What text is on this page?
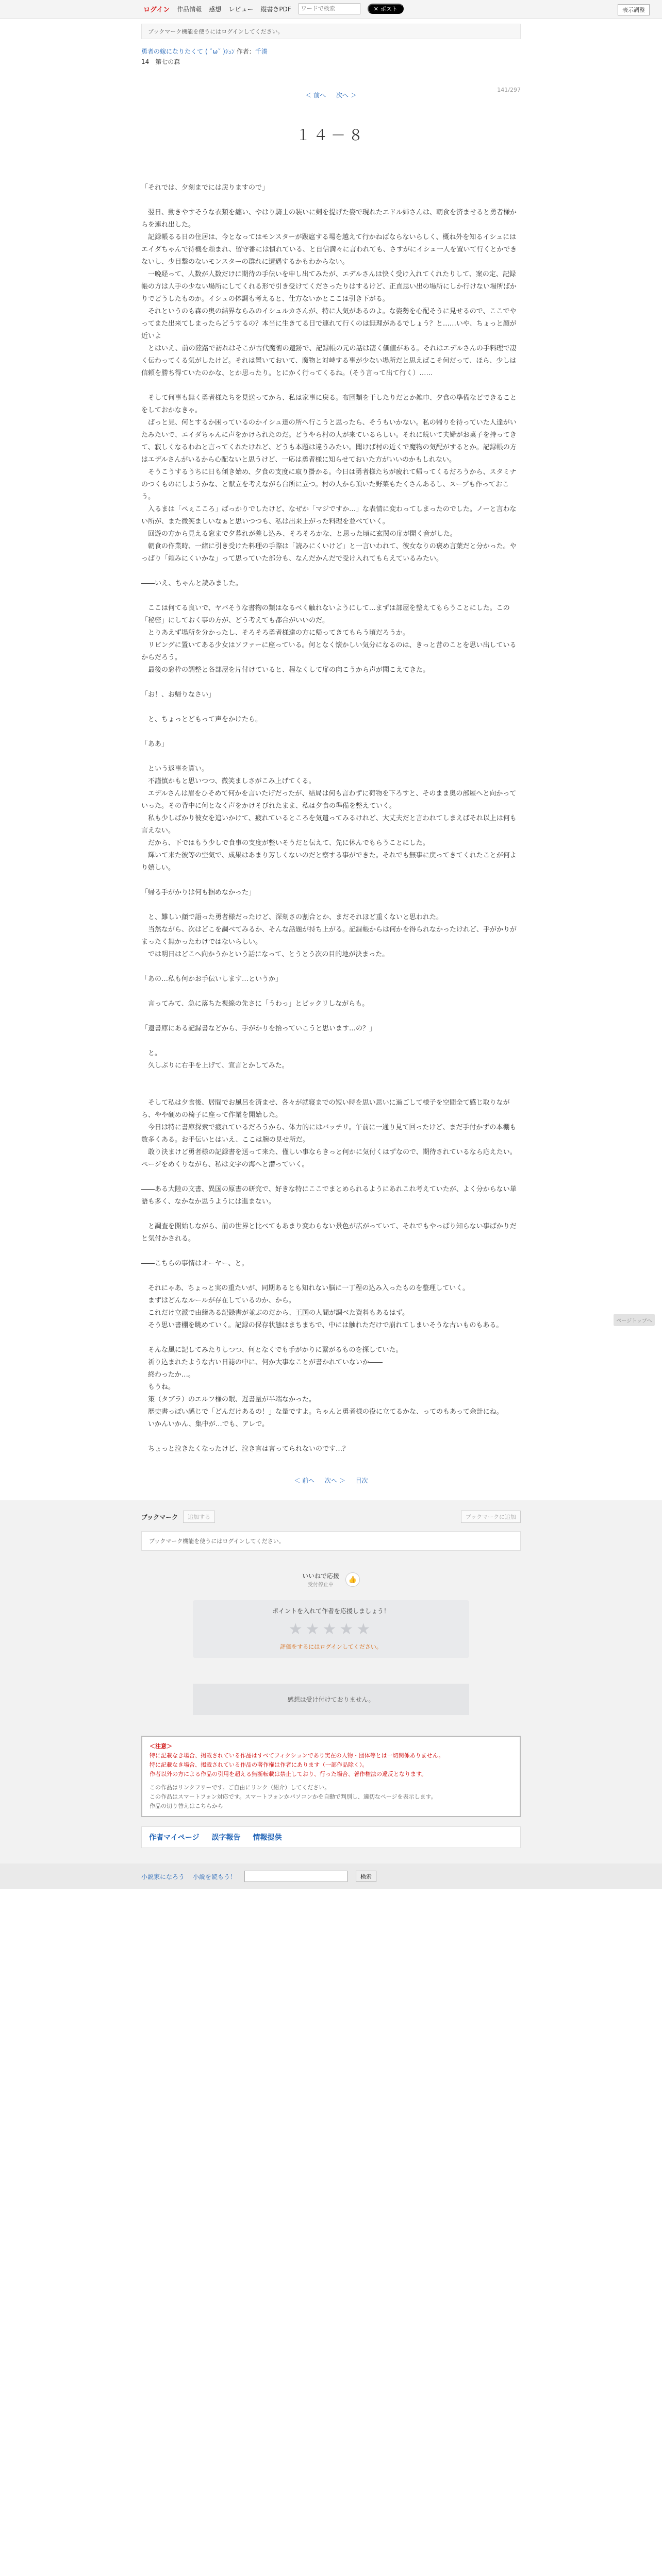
ログイン 作品情報 感想 レビュー 縦書きPDF
ワードで検索	✕ ポスト	表示調整
ブックマーク機能を使うにはログインしてください。
勇者の嫁になりたくて ( ˘ω˘ )ｼｭﾝ 作者：千湊
14　 第七の森
＜ 前へ 次へ ＞
141/297
１４－８

「それでは、夕刻までには戻りますので」

　翌日、動きやすそうな衣類を纏い、やはり騎士の装いに剣を提げた姿で現れたエドル姉さんは、朝食を済ませると勇者様からを連れ出した。

　記録帳るる日の住居は、今となってはモンスターが跋扈する場を越えて行かねばならないらしく、概ね外を知るイシュにはエイダちゃんで待機を頼まれ、留守番には慣れている、と自信満々に言われても、さすがにイシュ一人を置いて行くとかできないし、少目撃のないモンスターの群れに遭遇するかもわからない。

　一晩経って、人数が人数だけに期待の手伝いを申し出てみたが、エデルさんは快く受け入れてくれたりして、案の定、記録帳の方は人手の少ない場所にしてくれる形で引き受けてくださったりはするけど、正直思い出の場所にしか行けない場所ばかりでどうしたものか。イシュの体調も考えると、仕方ないかとここは引き下がる。

　それというのも森の奥の結界ならみのイシュルカさんが、特に人気があるのよ。な姿勢を心配そうに見せるので、ここでやってまた出来てしまったらどうするの？本当に生きてる日で連れて行くのは無理があるでしょう？と……いや、ちょっと顔が近いよ

　とはいえ、前の陸路で訪れはそこが古代魔術の遺跡で、記録帳の元の話は凄く価値がある。それはエデルさんの手料理で凄く伝わってくる気がしたけど。それは置いておいて、魔物と対峙する事が少ない場所だと思えばこそ何だって、ほら、少しは信頼を勝ち得ていたのかな、とか思ったり。とにかく行ってくるね。（そう言って出て行く）……

　そして何事も無く勇者様たちを見送ってから、私は家事に戻る。布団類を干したりだとか雑巾、夕食の準備などできることをしておかなきゃ。

　ぱっと見、何とするか困っているのかイシュ達の所へ行こうと思ったら、そうもいかない。私の帰りを待っていた人達がいたみたいで、エイダちゃんに声をかけられたのだ。どうやら村の人が来ているらしい。それに続いて夫婦がお菓子を持ってきて、寂しくなるわねと言ってくれたけれど、どうも本題は違うみたい。聞けば村の近くで魔物の気配がするとか。記録帳の方はエデルさんがいるから心配ないと思うけど、一応は勇者様に知らせておいた方がいいのかもしれない。

　そうこうするうちに日も傾き始め、夕食の支度に取り掛かる。今日は勇者様たちが疲れて帰ってくるだろうから、スタミナのつくものにしようかな、と献立を考えながら台所に立つ。村の人から頂いた野菜もたくさんあるし、スープも作っておこう。

　入るまは「ぺぇこころ」ばっかりでしたけど、なぜか「マジですか…」な表情に変わってしまったのでした。ノーと言わない所が、また微笑ましいなぁと思いつつも、私は出来上がった料理を並べていく。

　回遊の方から見える窓まで夕暮れが差し込み、そろそろかな、と思った頃に玄関の扉が開く音がした。

　朝食の作業時、一緒に引き受けた料理の手際は「読みにくいけど」と一言いわれて、彼女なりの褒め言葉だと分かった。やっぱり「頼みにくいかな」って思っていた部分も、なんだかんだで受け入れてもらえているみたい。

――いえ、ちゃんと読みました。

　ここは何てる良いで、ヤバそうな書物の類はなるべく触れないようにして…まずは部屋を整えてもらうことにした。この「秘密」にしておく事の方が、どう考えても都合がいいのだ。

　とりあえず場所を分かったし、そろそろ勇者様達の方に帰ってきてもらう頃だろうか。

　リビングに置いてある少女はソファーに座っている。何となく懐かしい気分になるのは、きっと昔のことを思い出しているからだろう。

　最後の窓枠の調整と各部屋を片付けていると、程なくして扉の向こうから声が聞こえてきた。

「お！、お帰りなさい」

　と、ちょっとどもって声をかけたら。

「ああ」

　という返事を貰い。

　不謹慎かもと思いつつ、微笑ましさがこみ上げてくる。

　エデルさんは眉をひそめて何かを言いたげだったが、結局は何も言わずに荷物を下ろすと、そのまま奥の部屋へと向かっていった。その背中に何となく声をかけそびれたまま、私は夕食の準備を整えていく。

　私も少しばかり彼女を追いかけて、疲れているところを気遣ってみるけれど、大丈夫だと言われてしまえばそれ以上は何も言えない。

　だから、下ではもう少しで食事の支度が整いそうだと伝えて、先に休んでもらうことにした。

　輝いて来た彼等の空気で、成果はあまり芳しくないのだと察する事ができた。それでも無事に戻ってきてくれたことが何より嬉しい。

「帰る手がかりは何も掴めなかった」

　と、難しい顔で語った勇者様だったけど、深刻さの割合とか、まだそれほど重くないと思われた。

　当然ながら、次はどこを調べてみるか、そんな話題が持ち上がる。記録帳からは何かを得られなかったけれど、手がかりがまったく無かったわけではないらしい。

　では明日はどこへ向かうかという話になって、とうとう次の目的地が決まった。

「あの…私も何かお手伝いします…というか」

　言ってみて、急に落ちた視線の先さに「うわっ」とビックリしながらも。

「遺書庫にある記録書などから、手がかりを拾っていこうと思います…の？」

　と。

　久しぶりに右手を上げて、宣言とかしてみた。

　そして私は夕食後、居間でお風呂を済ませ、各々が就寝までの短い時を思い思いに過ごして様子を空間全て感じ取りながら、やや硬めの椅子に座って作業を開始した。

　今日は特に書庫探索で疲れているだろうから、体力的にはバッチリ。午前に一通り見て回ったけど、まだ手付かずの本棚も数多くある。お手伝いとはいえ、ここは腕の見せ所だ。

　敢り決まけど勇者様の記録書を送って来た、僅しい事ならきっと何かに気付くはずなので、期待されているなら応えたい。ページをめくりながら、私は文字の海へと潜っていく。

――ある大陸の文書、異国の原書の研究で、好きな特にここでまとめられるようにあれこれ考えていたが、よく分からない単語も多く、なかなか思うようには進まない。

　と調査を開始しながら、前の世界と比べてもあまり変わらない景色が広がっていて、それでもやっぱり知らない事ばかりだと気付かされる。

――こちらの事情はオーヤー、と。

　それにゃあ、ちょっと実の重たいが、同期あるとも知れない脳に一丁程の込み入ったものを整理していく。

　まずはどんなルールが存在しているのか、から。

　これだけ立派で由緒ある記録書が並ぶのだから、王国の人間が調べた資料もあるはず。

　そう思い書棚を眺めていく。記録の保存状態はまちまちで、中には触れただけで崩れてしまいそうな古いものもある。

　そんな風に記してみたりしつつ、何となくでも手がかりに繋がるものを探していた。

　祈り込まれたような古い日誌の中に、何か大事なことが書かれていないか――

　終わったか…。

　もうね。

　策（タブラ）のエルフ様の眠、遅書量が半端なかった。

　歴史書っぽい感じで「どんだけあるの！」な量ですよ。ちゃんと勇者様の役に立てるかな、ってのもあって余計にね。

　いかんいかん、集中が…でも、アレで。

　ちょっと泣きたくなったけど、泣き言は言ってられないのです…？

＜ 前へ 次へ ＞ 目次
ブックマーク	追加する	ブックマークに追加
ブックマーク機能を使うにはログインしてください。
いいねで応援
受付停止中
👍
ポイントを入れて作者を応援しましょう！
★★★★★
評価をするにはログインしてください。
感想は受け付けておりません。
＜注意＞
特に記載なき場合、掲載されている作品はすべてフィクションであり実在の人物・団体等とは一切関係ありません。
特に記載なき場合、掲載されている作品の著作権は作者にあります（一部作品除く）。
作者以外の方による作品の引用を超える無断転載は禁止しており、行った場合、著作権法の違反となります。
この作品はリンクフリーです。ご自由にリンク（紹介）してください。
この作品はスマートフォン対応です。スマートフォンかパソコンかを自動で判別し、適切なページを表示します。
作品の切り替えはこちらから
作者マイページ 誤字報告 情報提供
小説家になろう 小説を読もう！	検索
ページトップへ
